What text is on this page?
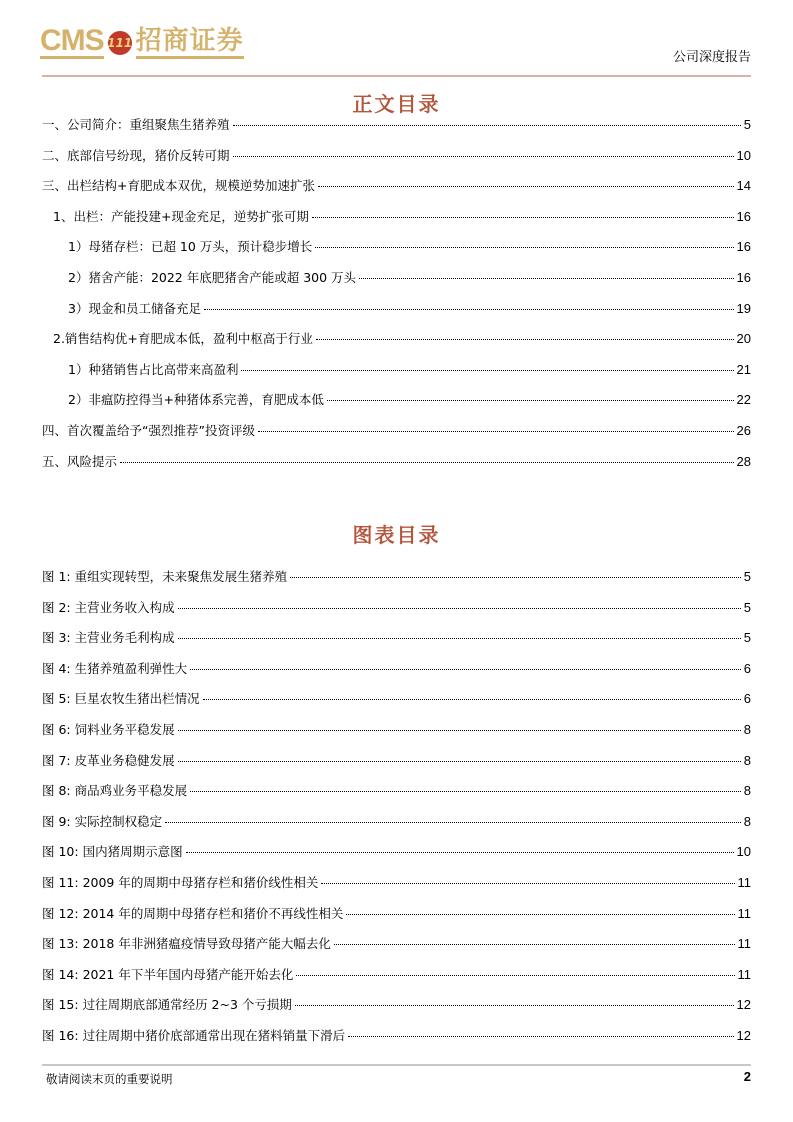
CMS 111 招商证券
公司深度报告
正文目录
一、公司简介：重组聚焦生猪养殖	5
二、底部信号纷现，猪价反转可期	10
三、出栏结构+育肥成本双优，规模逆势加速扩张	14
1、出栏：产能投建+现金充足，逆势扩张可期	16
1）母猪存栏：已超 10 万头，预计稳步增长	16
2）猪舍产能：2022 年底肥猪舍产能或超 300 万头	16
3）现金和员工储备充足	19
2.销售结构优+育肥成本低，盈利中枢高于行业	20
1）种猪销售占比高带来高盈利	21
2）非瘟防控得当+种猪体系完善，育肥成本低	22
四、首次覆盖给予“强烈推荐”投资评级	26
五、风险提示	28
图表目录
图 1: 重组实现转型，未来聚焦发展生猪养殖	5
图 2: 主营业务收入构成	5
图 3: 主营业务毛利构成	5
图 4: 生猪养殖盈利弹性大	6
图 5: 巨星农牧生猪出栏情况	6
图 6: 饲料业务平稳发展	8
图 7: 皮革业务稳健发展	8
图 8: 商品鸡业务平稳发展	8
图 9: 实际控制权稳定	8
图 10: 国内猪周期示意图	10
图 11: 2009 年的周期中母猪存栏和猪价线性相关	11
图 12: 2014 年的周期中母猪存栏和猪价不再线性相关	11
图 13: 2018 年非洲猪瘟疫情导致母猪产能大幅去化	11
图 14: 2021 年下半年国内母猪产能开始去化	11
图 15: 过往周期底部通常经历 2~3 个亏损期	12
图 16: 过往周期中猪价底部通常出现在猪料销量下滑后	12
敬请阅读末页的重要说明	2
